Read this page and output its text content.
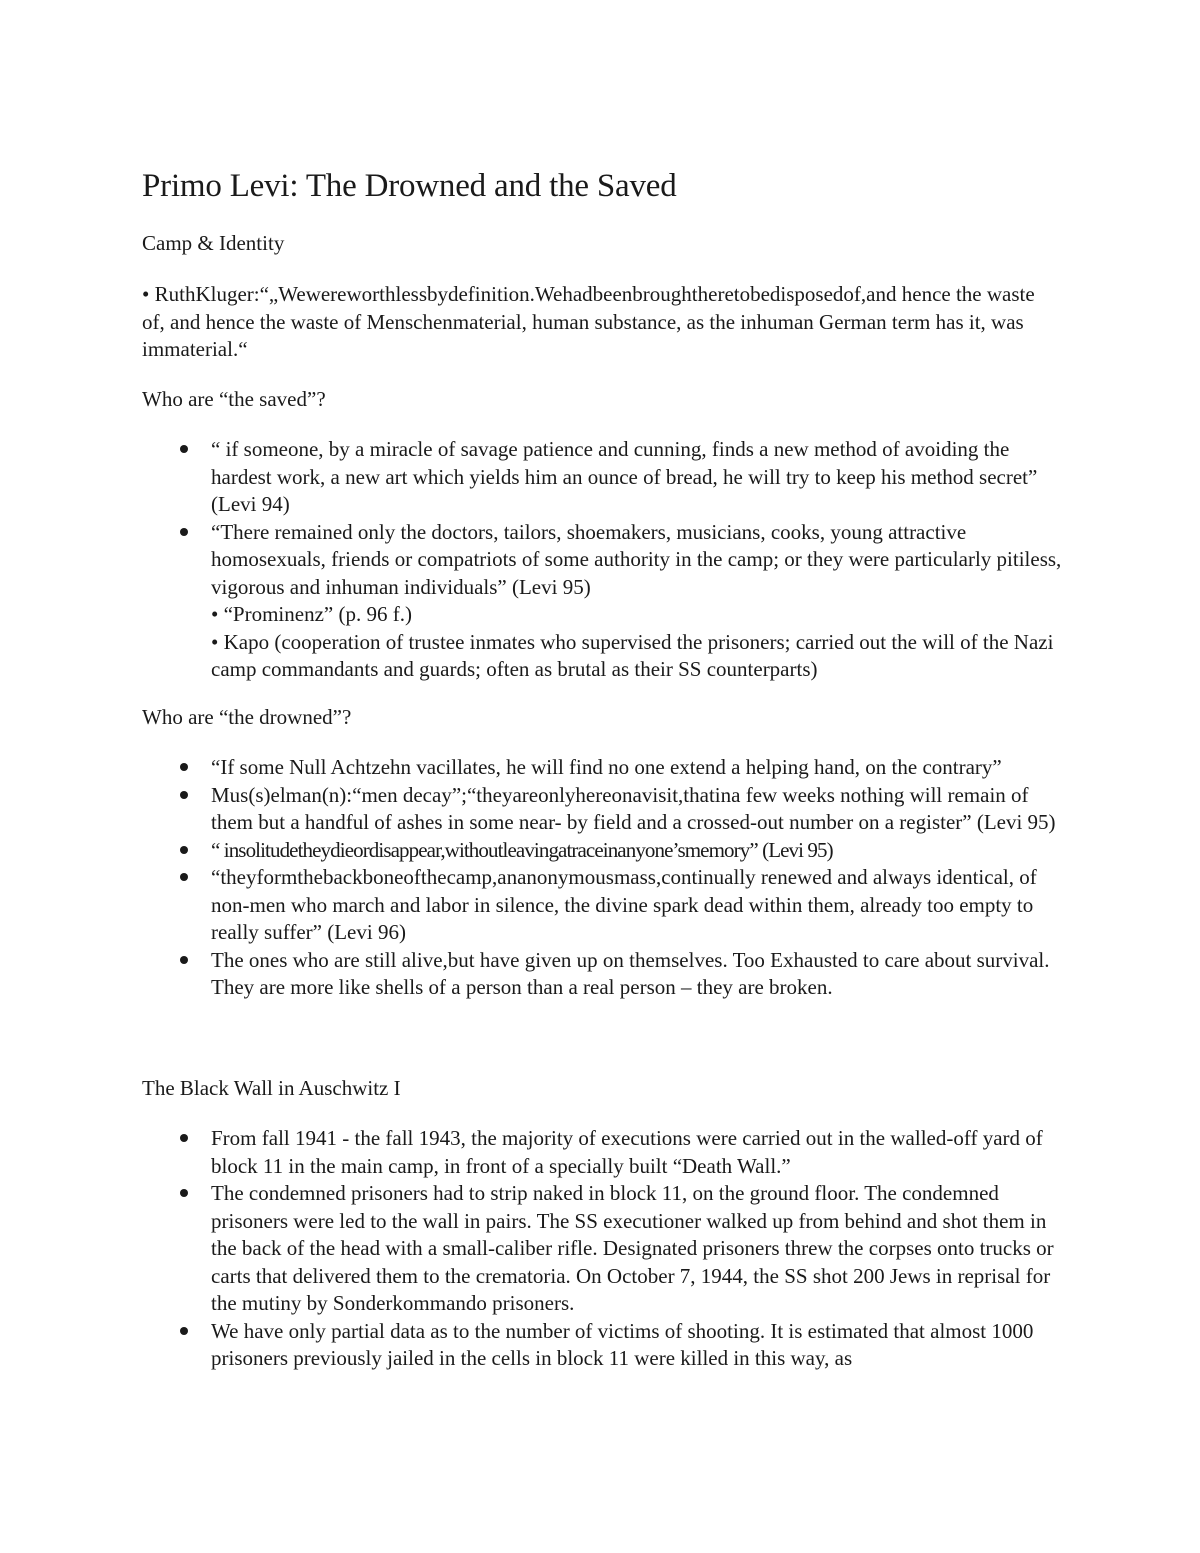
Primo Levi: The Drowned and the Saved
Camp & Identity
• RuthKluger:“„Wewereworthlessbydefinition.Wehadbeenbroughtheretobedisposedof,and hence the waste of, and hence the waste of Menschenmaterial, human substance, as the inhuman German term has it, was immaterial.“
Who are “the saved”?
“ if someone, by a miracle of savage patience and cunning, finds a new method of avoiding the hardest work, a new art which yields him an ounce of bread, he will try to keep his method secret” (Levi 94)
“There remained only the doctors, tailors, shoemakers, musicians, cooks, young attractive homosexuals, friends or compatriots of some authority in the camp; or they were particularly pitiless, vigorous and inhuman individuals” (Levi 95)
• “Prominenz” (p. 96 f.)
• Kapo (cooperation of trustee inmates who supervised the prisoners; carried out the will of the Nazi camp commandants and guards; often as brutal as their SS counterparts)
Who are “the drowned”?
“If some Null Achtzehn vacillates, he will find no one extend a helping hand, on the contrary”
Mus(s)elman(n):“men decay”;“theyareonlyhereonavisit,thatina few weeks nothing will remain of them but a handful of ashes in some near- by field and a crossed-out number on a register” (Levi 95)
“ insolitudetheydieordisappear,withoutleavingatraceinanyone’smemory” (Levi 95)
“theyformthebackboneofthecamp,ananonymousmass,continually renewed and always identical, of non-men who march and labor in silence, the divine spark dead within them, already too empty to really suffer” (Levi 96)
The ones who are still alive,but have given up on themselves. Too Exhausted to care about survival. They are more like shells of a person than a real person – they are broken.
The Black Wall in Auschwitz I
From fall 1941 - the fall 1943, the majority of executions were carried out in the walled-off yard of block 11 in the main camp, in front of a specially built “Death Wall.”
The condemned prisoners had to strip naked in block 11, on the ground floor. The condemned prisoners were led to the wall in pairs. The SS executioner walked up from behind and shot them in the back of the head with a small-caliber rifle. Designated prisoners threw the corpses onto trucks or carts that delivered them to the crematoria. On October 7, 1944, the SS shot 200 Jews in reprisal for the mutiny by Sonderkommando prisoners.
We have only partial data as to the number of victims of shooting. It is estimated that almost 1000 prisoners previously jailed in the cells in block 11 were killed in this way, as
